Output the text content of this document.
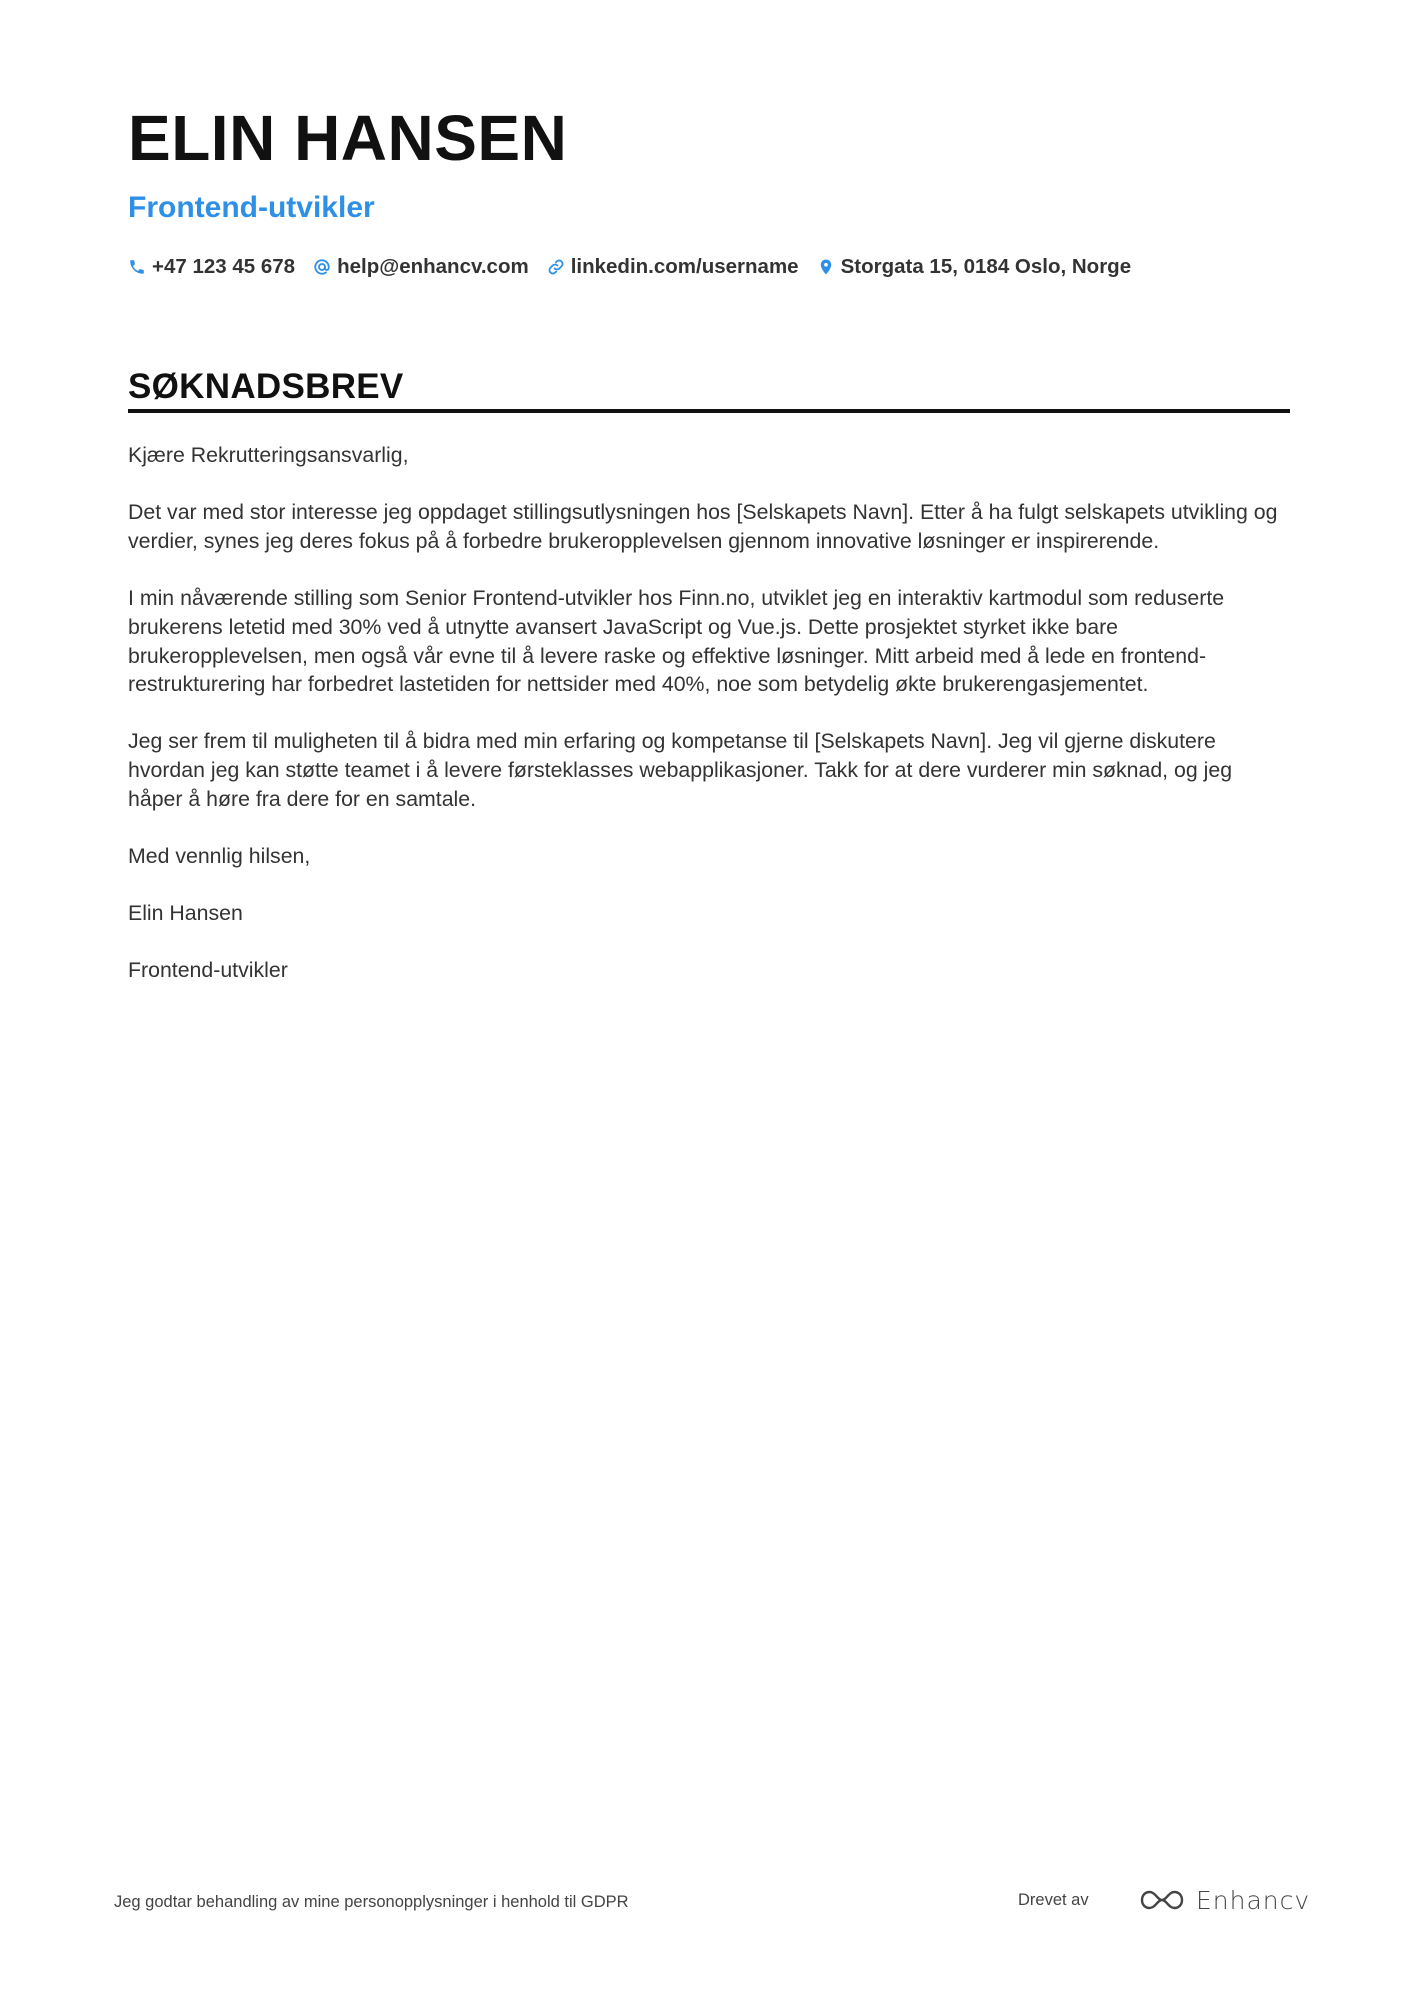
ELIN HANSEN
Frontend-utvikler
+47 123 45 678 help@enhancv.com linkedin.com/username Storgata 15, 0184 Oslo, Norge
SØKNADSBREV

Kjære Rekrutteringsansvarlig,

Det var med stor interesse jeg oppdaget stillingsutlysningen hos [Selskapets Navn]. Etter å ha fulgt selskapets utvikling og verdier, synes jeg deres fokus på å forbedre brukeropplevelsen gjennom innovative løsninger er inspirerende.

I min nåværende stilling som Senior Frontend-utvikler hos Finn.no, utviklet jeg en interaktiv kartmodul som reduserte brukerens letetid med 30% ved å utnytte avansert JavaScript og Vue.js. Dette prosjektet styrket ikke bare brukeropplevelsen, men også vår evne til å levere raske og effektive løsninger. Mitt arbeid med å lede en frontend-restrukturering har forbedret lastetiden for nettsider med 40%, noe som betydelig økte brukerengasjementet.

Jeg ser frem til muligheten til å bidra med min erfaring og kompetanse til [Selskapets Navn]. Jeg vil gjerne diskutere hvordan jeg kan støtte teamet i å levere førsteklasses webapplikasjoner. Takk for at dere vurderer min søknad, og jeg håper å høre fra dere for en samtale.

Med vennlig hilsen,

Elin Hansen

Frontend-utvikler

Jeg godtar behandling av mine personopplysninger i henhold til GDPR	Drevet av	Enhancv
